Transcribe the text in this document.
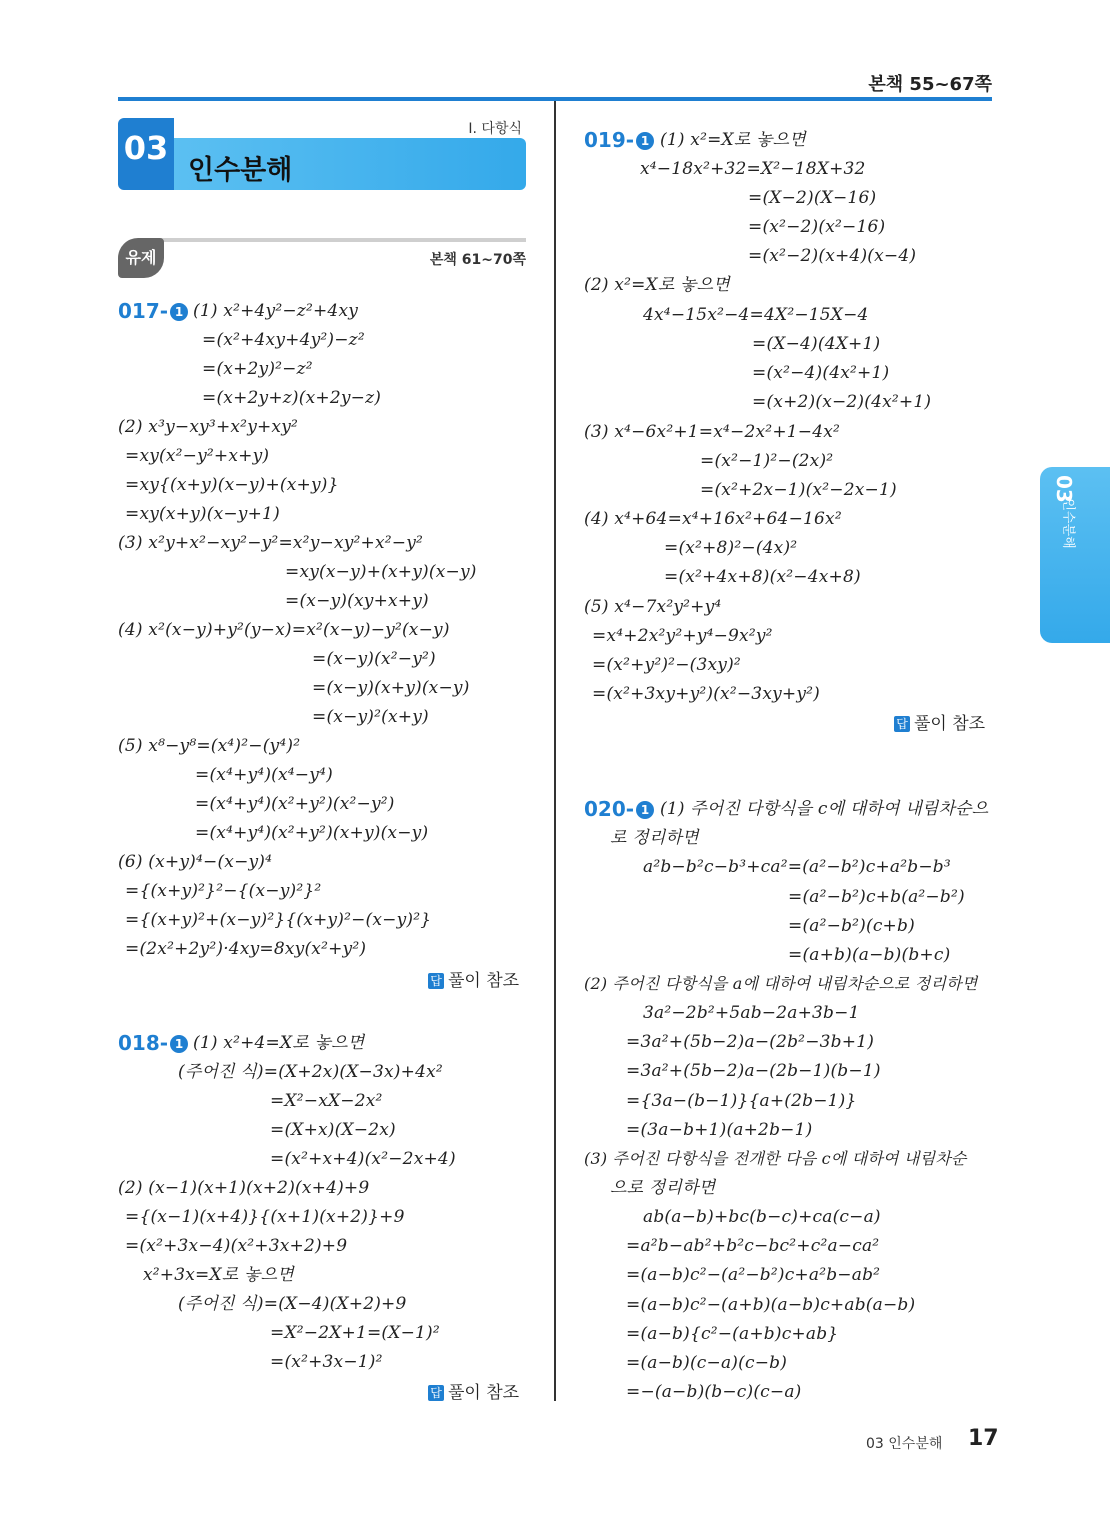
본책 55~67쪽
03	Ⅰ. 다항식
인수분해
유제	본책 61~70쪽
03
인수분해
017- 1 (1) x²+4y²−z²+4xy
=(x²+4xy+4y²)−z²
=(x+2y)²−z²
=(x+2y+z)(x+2y−z)
(2) x³y−xy³+x²y+xy²
=xy(x²−y²+x+y)
=xy{(x+y)(x−y)+(x+y)}
=xy(x+y)(x−y+1)
(3) x²y+x²−xy²−y²=x²y−xy²+x²−y²
=xy(x−y)+(x+y)(x−y)
=(x−y)(xy+x+y)
(4) x²(x−y)+y²(y−x)=x²(x−y)−y²(x−y)
=(x−y)(x²−y²)
=(x−y)(x+y)(x−y)
=(x−y)²(x+y)
(5) x⁸−y⁸=(x⁴)²−(y⁴)²
=(x⁴+y⁴)(x⁴−y⁴)
=(x⁴+y⁴)(x²+y²)(x²−y²)
=(x⁴+y⁴)(x²+y²)(x+y)(x−y)
(6) (x+y)⁴−(x−y)⁴
={(x+y)²}²−{(x−y)²}²
={(x+y)²+(x−y)²}{(x+y)²−(x−y)²}
=(2x²+2y²)·4xy=8xy(x²+y²)
답 풀이 참조
018- 1 (1) x²+4=X로 놓으면
(주어진 식)=(X+2x)(X−3x)+4x²
=X²−xX−2x²
=(X+x)(X−2x)
=(x²+x+4)(x²−2x+4)
(2) (x−1)(x+1)(x+2)(x+4)+9
={(x−1)(x+4)}{(x+1)(x+2)}+9
=(x²+3x−4)(x²+3x+2)+9
x²+3x=X로 놓으면
(주어진 식)=(X−4)(X+2)+9
=X²−2X+1=(X−1)²
=(x²+3x−1)²
답 풀이 참조
019- 1 (1) x²=X로 놓으면
x⁴−18x²+32=X²−18X+32
=(X−2)(X−16)
=(x²−2)(x²−16)
=(x²−2)(x+4)(x−4)
(2) x²=X로 놓으면
4x⁴−15x²−4=4X²−15X−4
=(X−4)(4X+1)
=(x²−4)(4x²+1)
=(x+2)(x−2)(4x²+1)
(3) x⁴−6x²+1=x⁴−2x²+1−4x²
=(x²−1)²−(2x)²
=(x²+2x−1)(x²−2x−1)
(4) x⁴+64=x⁴+16x²+64−16x²
=(x²+8)²−(4x)²
=(x²+4x+8)(x²−4x+8)
(5) x⁴−7x²y²+y⁴
=x⁴+2x²y²+y⁴−9x²y²
=(x²+y²)²−(3xy)²
=(x²+3xy+y²)(x²−3xy+y²)
답 풀이 참조
020- 1 (1) 주어진 다항식을 c에 대하여 내림차순으
로 정리하면
a²b−b²c−b³+ca²=(a²−b²)c+a²b−b³
=(a²−b²)c+b(a²−b²)
=(a²−b²)(c+b)
=(a+b)(a−b)(b+c)
(2) 주어진 다항식을 a에 대하여 내림차순으로 정리하면
3a²−2b²+5ab−2a+3b−1
=3a²+(5b−2)a−(2b²−3b+1)
=3a²+(5b−2)a−(2b−1)(b−1)
={3a−(b−1)}{a+(2b−1)}
=(3a−b+1)(a+2b−1)
(3) 주어진 다항식을 전개한 다음 c에 대하여 내림차순
으로 정리하면
ab(a−b)+bc(b−c)+ca(c−a)
=a²b−ab²+b²c−bc²+c²a−ca²
=(a−b)c²−(a²−b²)c+a²b−ab²
=(a−b)c²−(a+b)(a−b)c+ab(a−b)
=(a−b){c²−(a+b)c+ab}
=(a−b)(c−a)(c−b)
=−(a−b)(b−c)(c−a)
03 인수분해 17
